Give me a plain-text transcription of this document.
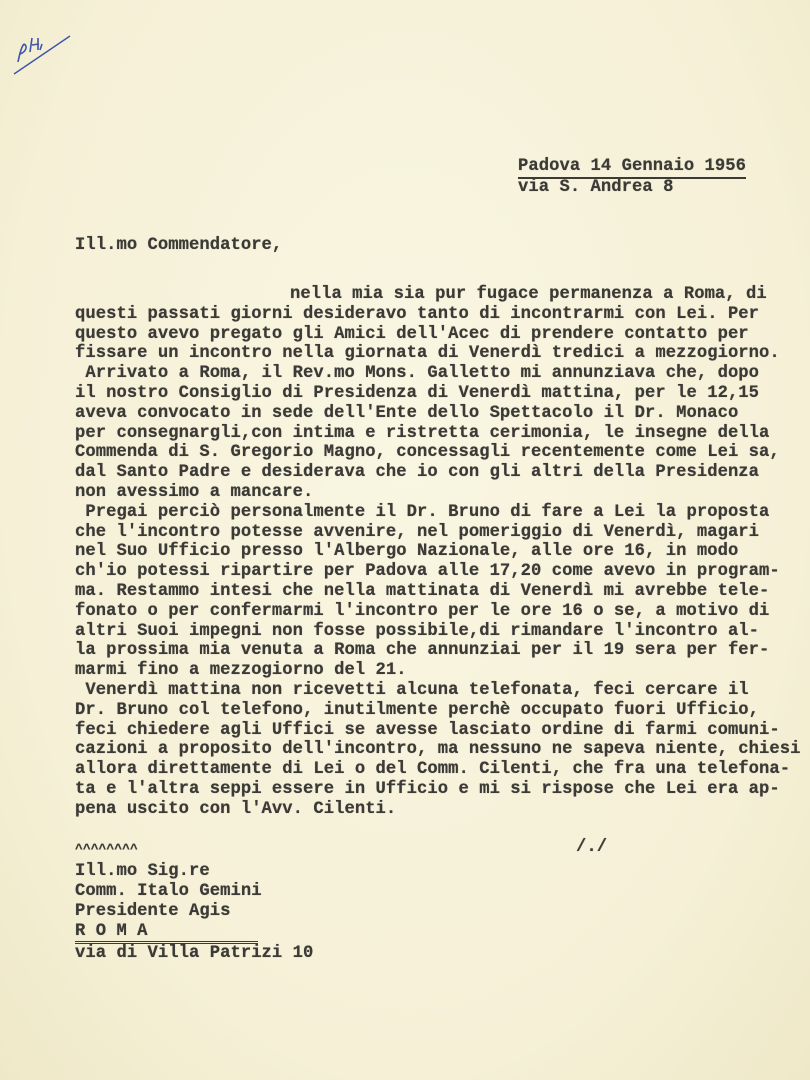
Padova 14 Gennaio 1956
via S. Andrea 8
Ill.mo Commendatore,
nella mia sia pur fugace permanenza a Roma, di
questi passati giorni desideravo tanto di incontrarmi con Lei. Per
questo avevo pregato gli Amici dell'Acec di prendere contatto per
fissare un incontro nella giornata di Venerdì tredici a mezzogiorno.
Arrivato a Roma, il Rev.mo Mons. Galletto mi annunziava che, dopo
il nostro Consiglio di Presidenza di Venerdì mattina, per le 12,15
aveva convocato in sede dell'Ente dello Spettacolo il Dr. Monaco
per consegnargli,con intima e ristretta cerimonia, le insegne della
Commenda di S. Gregorio Magno, concessagli recentemente come Lei sa,
dal Santo Padre e desiderava che io con gli altri della Presidenza
non avessimo a mancare.
Pregai perciò personalmente il Dr. Bruno di fare a Lei la proposta
che l'incontro potesse avvenire, nel pomeriggio di Venerdì, magari
nel Suo Ufficio presso l'Albergo Nazionale, alle ore 16, in modo
ch'io potessi ripartire per Padova alle 17,20 come avevo in program-
ma. Restammo intesi che nella mattinata di Venerdì mi avrebbe tele-
fonato o per confermarmi l'incontro per le ore 16 o se, a motivo di
altri Suoi impegni non fosse possibile,di rimandare l'incontro al-
la prossima mia venuta a Roma che annunziai per il 19 sera per fer-
marmi fino a mezzogiorno del 21.
Venerdì mattina non ricevetti alcuna telefonata, feci cercare il
Dr. Bruno col telefono, inutilmente perchè occupato fuori Ufficio,
feci chiedere agli Uffici se avesse lasciato ordine di farmi comuni-
cazioni a proposito dell'incontro, ma nessuno ne sapeva niente, chiesi
allora direttamente di Lei o del Comm. Cilenti, che fra una telefona-
ta e l'altra seppi essere in Ufficio e mi si rispose che Lei era ap-
pena uscito con l'Avv. Cilenti.
^^^^^^^^	/./
Ill.mo Sig.re
Comm. Italo Gemini
Presidente Agis
R O M A
via di Villa Patrizi 10
